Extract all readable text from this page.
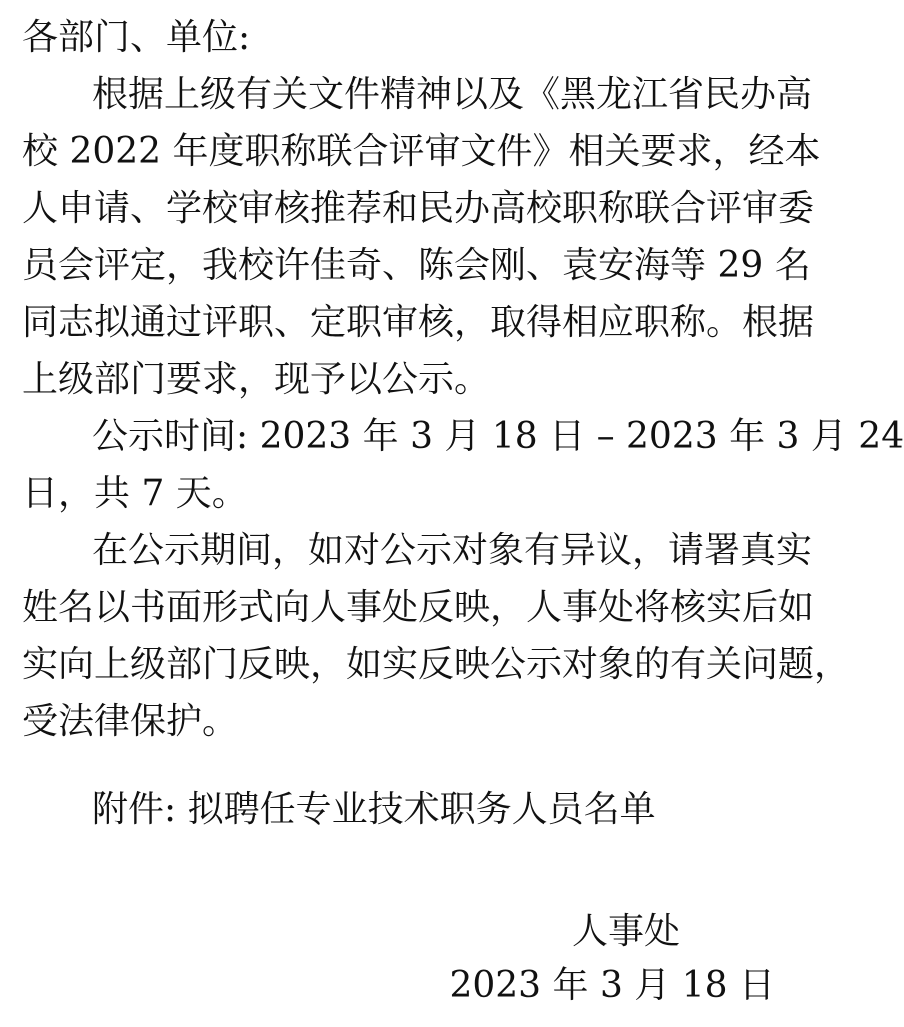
各部门、单位:
根据上级有关文件精神以及《黑龙江省民办高
校 2022 年度职称联合评审文件》相关要求，经本
人申请、学校审核推荐和民办高校职称联合评审委
员会评定，我校许佳奇、陈会刚、袁安海等 29 名
同志拟通过评职、定职审核，取得相应职称。根据
上级部门要求，现予以公示。
公示时间: 2023 年 3 月 18 日 – 2023 年 3 月 24
日，共 7 天。
在公示期间，如对公示对象有异议，请署真实
姓名以书面形式向人事处反映，人事处将核实后如
实向上级部门反映，如实反映公示对象的有关问题，
受法律保护。
附件: 拟聘任专业技术职务人员名单
人事处
2023 年 3 月 18 日
